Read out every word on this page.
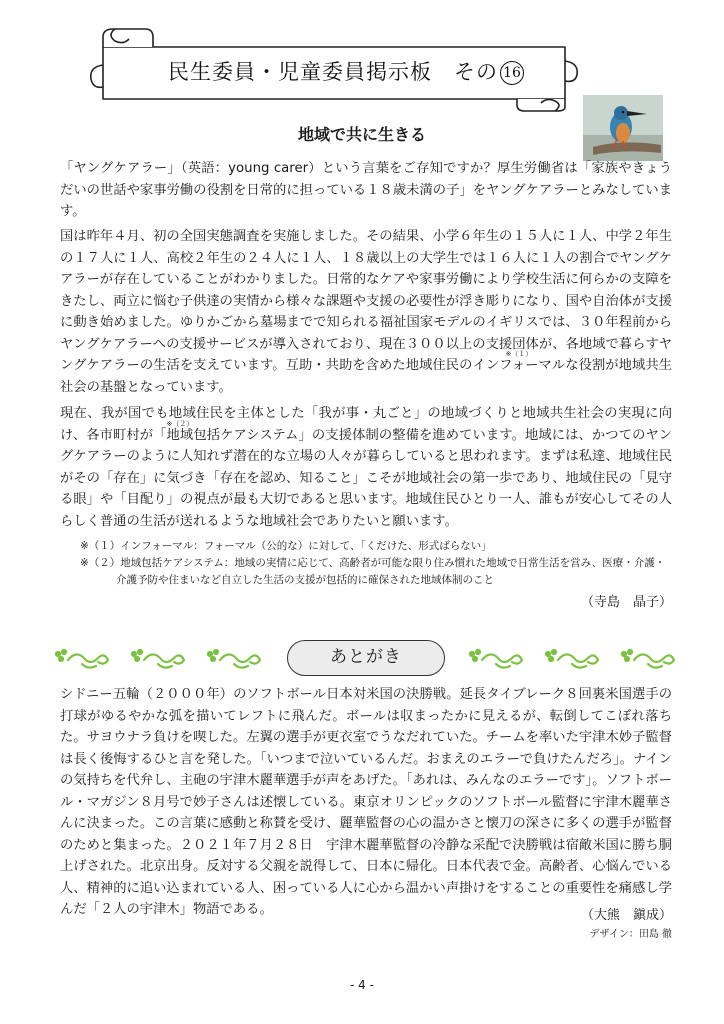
民生委員・児童委員掲示板　その 16
地域で共に生きる

「ヤングケアラー」（英語：young carer）という言葉をご存知ですか？厚生労働省は「家族やきょうだいの世話や家事労働の役割を日常的に担っている１８歳未満の子」をヤングケアラーとみなしています。

国は昨年４月、初の全国実態調査を実施しました。その結果、小学６年生の１５人に１人、中学２年生の１７人に１人、高校２年生の２４人に１人、１８歳以上の大学生では１６人に１人の割合でヤングケアラーが存在していることがわかりました。日常的なケアや家事労働により学校生活に何らかの支障をきたし、両立に悩む子供達の実情から様々な課題や支援の必要性が浮き彫りになり、国や自治体が支援に動き始めました。ゆりかごから墓場までで知られる福祉国家モデルのイギリスでは、３０年程前からヤングケアラーへの支援サービスが導入されており、現在３００以上の支援団体が、各地域で暮らすヤングケアラーの生活を支えています。互助・共助を含めた地域住民の
※（１）
インフォーマルな役割が地域共生社会の基盤となっています。

現在、我が国でも地域住民を主体とした「我が事・丸ごと」の地域づくりと地域共生社会の実現に向け、各市町村が「
※（２）
地域包括ケアシステム」の支援体制の整備を進めています。地域には、かつてのヤングケアラーのように人知れず潜在的な立場の人々が暮らしていると思われます。まずは私達、地域住民がその「存在」に気づき「存在を認め、知ること」こそが地域社会の第一歩であり、地域住民の「見守る眼」や「目配り」の視点が最も大切であると思います。地域住民ひとり一人、誰もが安心してその人らしく普通の生活が送れるような地域社会でありたいと願います。

※（１）インフォーマル：フォーマル（公的な）に対して、「くだけた、形式ばらない」

※（２）地域包括ケアシステム：地域の実情に応じて、高齢者が可能な限り住み慣れた地域で日常生活を営み、医療・介護・

介護予防や住まいなど自立した生活の支援が包括的に確保された地域体制のこと

（寺島　晶子）
あとがき

シドニー五輪（２０００年）のソフトボール日本対米国の決勝戦。延長タイブレーク８回裏米国選手の打球がゆるやかな弧を描いてレフトに飛んだ。ボールは収まったかに見えるが、転倒してこぼれ落ちた。サヨウナラ負けを喫した。左翼の選手が更衣室でうなだれていた。チームを率いた宇津木妙子監督は長く後悔するひと言を発した。「いつまで泣いているんだ。おまえのエラーで負けたんだろ」。ナインの気持ちを代弁し、主砲の宇津木麗華選手が声をあげた。「あれは、みんなのエラーです」。ソフトボール・マガジン８月号で妙子さんは述懐している。東京オリンピックのソフトボール監督に宇津木麗華さんに決まった。この言葉に感動と称賛を受け、麗華監督の心の温かさと懐刀の深さに多くの選手が監督のためと集まった。２０２１年７月２８日　宇津木麗華監督の冷静な采配で決勝戦は宿敵米国に勝ち胴上げされた。北京出身。反対する父親を説得して、日本に帰化。日本代表で金。高齢者、心悩んでいる人、精神的に追い込まれている人、困っている人に心から温かい声掛けをすることの重要性を痛感し学んだ「２人の宇津木」物語である。	（大熊　鎭成）
デザイン：田島 徹
- 4 -
